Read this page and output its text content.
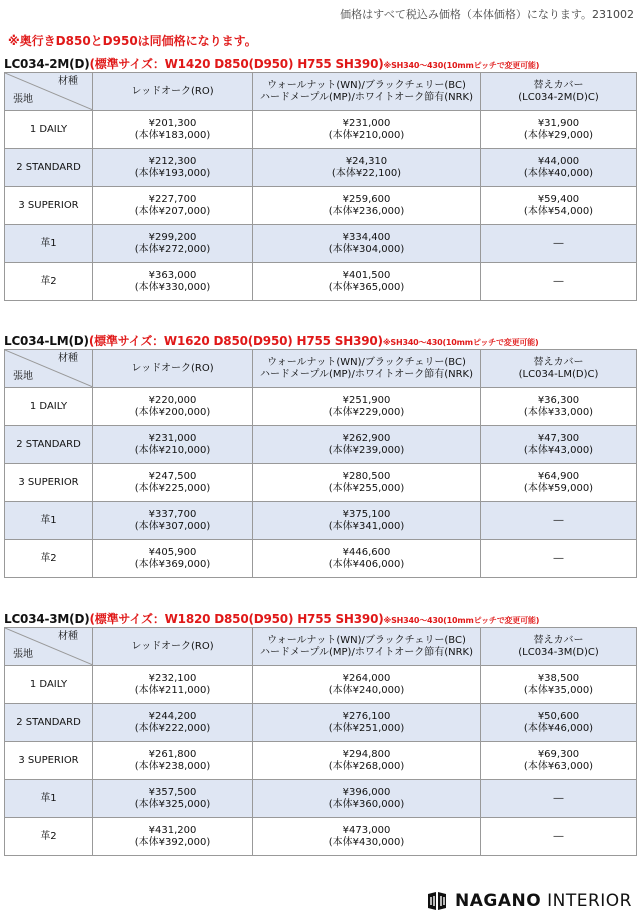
価格はすべて税込み価格（本体価格）になります。231002
※奥行きD850とD950は同価格になります。
LC034-2M(D)(標準サイズ：W1420 D850(D950) H755 SH390)※SH340～430(10mmピッチで変更可能)
材種
張地	レッドオーク(RO)	ウォールナット(WN)/ブラックチェリー(BC)
ハードメープル(MP)/ホワイトオーク節有(NRK)	替えカバー
(LC034-2M(D)C)

1 DAILY	¥201,300
(本体¥183,000)	¥231,000
(本体¥210,000)	¥31,900
(本体¥29,000)

2 STANDARD	¥212,300
(本体¥193,000)	¥24,310
(本体¥22,100)	¥44,000
(本体¥40,000)

3 SUPERIOR	¥227,700
(本体¥207,000)	¥259,600
(本体¥236,000)	¥59,400
(本体¥54,000)

革1	¥299,200
(本体¥272,000)	¥334,400
(本体¥304,000)	―
革2	¥363,000
(本体¥330,000)	¥401,500
(本体¥365,000)	―
LC034-LM(D)(標準サイズ：W1620 D850(D950) H755 SH390)※SH340～430(10mmピッチで変更可能)
材種
張地	レッドオーク(RO)	ウォールナット(WN)/ブラックチェリー(BC)
ハードメープル(MP)/ホワイトオーク節有(NRK)	替えカバー
(LC034-LM(D)C)

1 DAILY	¥220,000
(本体¥200,000)	¥251,900
(本体¥229,000)	¥36,300
(本体¥33,000)

2 STANDARD	¥231,000
(本体¥210,000)	¥262,900
(本体¥239,000)	¥47,300
(本体¥43,000)

3 SUPERIOR	¥247,500
(本体¥225,000)	¥280,500
(本体¥255,000)	¥64,900
(本体¥59,000)

革1	¥337,700
(本体¥307,000)	¥375,100
(本体¥341,000)	―
革2	¥405,900
(本体¥369,000)	¥446,600
(本体¥406,000)	―
LC034-3M(D)(標準サイズ：W1820 D850(D950) H755 SH390)※SH340～430(10mmピッチで変更可能)
材種
張地	レッドオーク(RO)	ウォールナット(WN)/ブラックチェリー(BC)
ハードメープル(MP)/ホワイトオーク節有(NRK)	替えカバー
(LC034-3M(D)C)

1 DAILY	¥232,100
(本体¥211,000)	¥264,000
(本体¥240,000)	¥38,500
(本体¥35,000)

2 STANDARD	¥244,200
(本体¥222,000)	¥276,100
(本体¥251,000)	¥50,600
(本体¥46,000)

3 SUPERIOR	¥261,800
(本体¥238,000)	¥294,800
(本体¥268,000)	¥69,300
(本体¥63,000)

革1	¥357,500
(本体¥325,000)	¥396,000
(本体¥360,000)	―
革2	¥431,200
(本体¥392,000)	¥473,000
(本体¥430,000)	―
NAGANO INTERIOR
